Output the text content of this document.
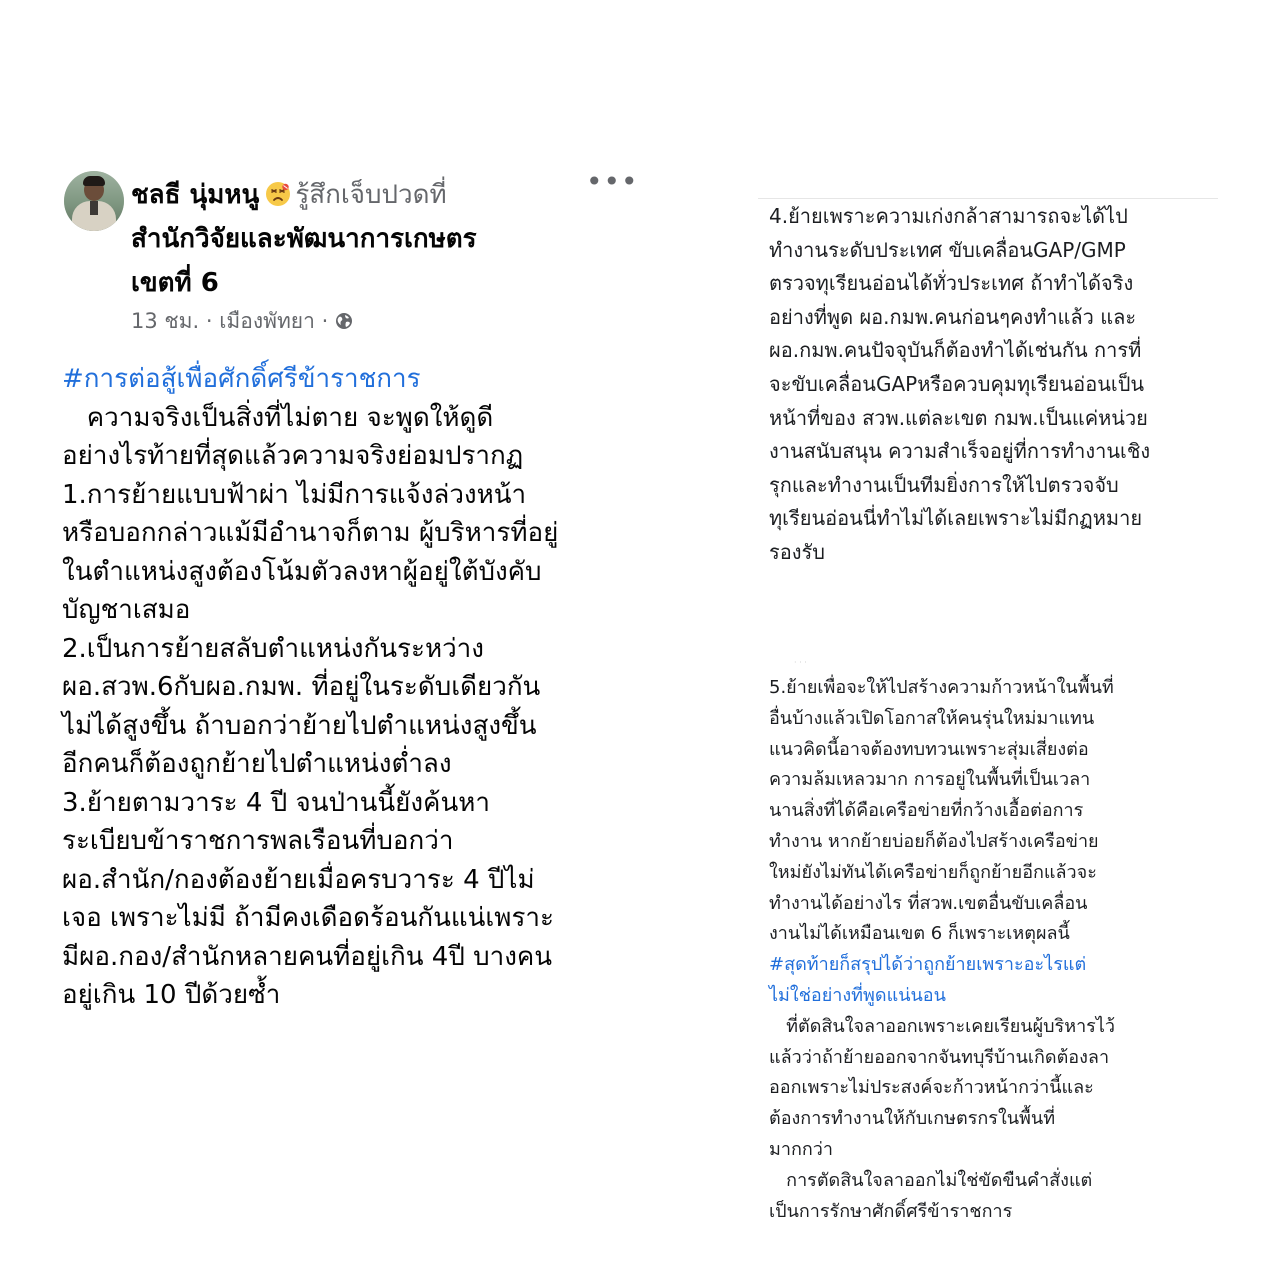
ชลธี นุ่มหนู รู้สึกเจ็บปวดที่
สำนักวิจัยและพัฒนาการเกษตร
เขตที่ 6
•••
13 ชม. · เมืองพัทยา ·
#การต่อสู้เพื่อศักดิ์ศรีข้าราชการ
ความจริงเป็นสิ่งที่ไม่ตาย จะพูดให้ดูดี
อย่างไรท้ายที่สุดแล้วความจริงย่อมปรากฏ
1.การย้ายแบบฟ้าผ่า ไม่มีการแจ้งล่วงหน้า
หรือบอกกล่าวแม้มีอำนาจก็ตาม ผู้บริหารที่อยู่
ในตำแหน่งสูงต้องโน้มตัวลงหาผู้อยู่ใต้บังคับ
บัญชาเสมอ
2.เป็นการย้ายสลับตำแหน่งกันระหว่าง
ผอ.สวพ.6กับผอ.กมพ. ที่อยู่ในระดับเดียวกัน
ไม่ได้สูงขึ้น ถ้าบอกว่าย้ายไปตำแหน่งสูงขึ้น
อีกคนก็ต้องถูกย้ายไปตำแหน่งต่ำลง
3.ย้ายตามวาระ 4 ปี จนป่านนี้ยังค้นหา
ระเบียบข้าราชการพลเรือนที่บอกว่า
ผอ.สำนัก/กองต้องย้ายเมื่อครบวาระ 4 ปีไม่
เจอ เพราะไม่มี ถ้ามีคงเดือดร้อนกันแน่เพราะ
มีผอ.กอง/สำนักหลายคนที่อยู่เกิน 4ปี บางคน
อยู่เกิน 10 ปีด้วยซ้ำ
4.ย้ายเพราะความเก่งกล้าสามารถจะได้ไป
ทำงานระดับประเทศ ขับเคลื่อนGAP/GMP
ตรวจทุเรียนอ่อนได้ทั่วประเทศ ถ้าทำได้จริง
อย่างที่พูด ผอ.กมพ.คนก่อนๆคงทำแล้ว และ
ผอ.กมพ.คนปัจจุบันก็ต้องทำได้เช่นกัน การที่
จะขับเคลื่อนGAPหรือควบคุมทุเรียนอ่อนเป็น
หน้าที่ของ สวพ.แต่ละเขต กมพ.เป็นแค่หน่วย
งานสนับสนุน ความสำเร็จอยู่ที่การทำงานเชิง
รุกและทำงานเป็นทีมยิ่งการให้ไปตรวจจับ
ทุเรียนอ่อนนี่ทำไม่ได้เลยเพราะไม่มีกฏหมาย
รองรับ
· · ·
5.ย้ายเพื่อจะให้ไปสร้างความก้าวหน้าในพื้นที่
อื่นบ้างแล้วเปิดโอกาสให้คนรุ่นใหม่มาแทน
แนวคิดนี้อาจต้องทบทวนเพราะสุ่มเสี่ยงต่อ
ความล้มเหลวมาก การอยู่ในพื้นที่เป็นเวลา
นานสิ่งที่ได้คือเครือข่ายที่กว้างเอื้อต่อการ
ทำงาน หากย้ายบ่อยก็ต้องไปสร้างเครือข่าย
ใหม่ยังไม่ทันได้เครือข่ายก็ถูกย้ายอีกแล้วจะ
ทำงานได้อย่างไร ที่สวพ.เขตอื่นขับเคลื่อน
งานไม่ได้เหมือนเขต 6 ก็เพราะเหตุผลนี้
#สุดท้ายก็สรุปได้ว่าถูกย้ายเพราะอะไรแต่
ไม่ใช่อย่างที่พูดแน่นอน
ที่ตัดสินใจลาออกเพราะเคยเรียนผู้บริหารไว้
แล้วว่าถ้าย้ายออกจากจันทบุรีบ้านเกิดต้องลา
ออกเพราะไม่ประสงค์จะก้าวหน้ากว่านี้และ
ต้องการทำงานให้กับเกษตรกรในพื้นที่
มากกว่า
การตัดสินใจลาออกไม่ใช่ขัดขืนคำสั่งแต่
เป็นการรักษาศักดิ์ศรีข้าราชการ
